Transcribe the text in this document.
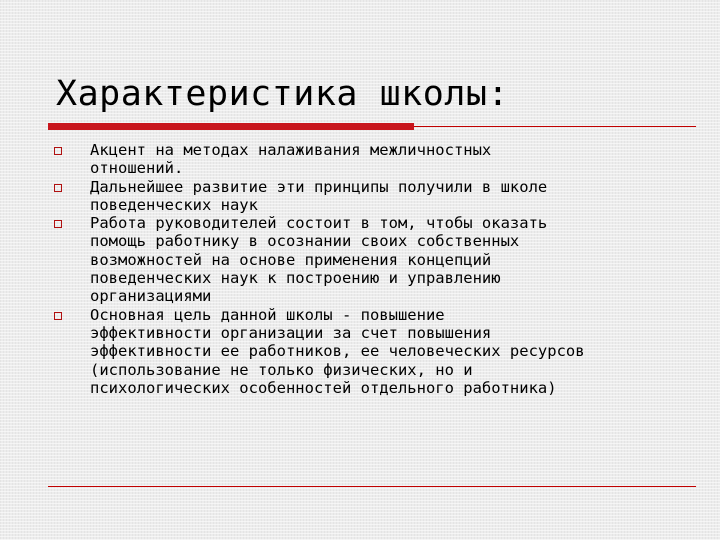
Характеристика школы:
Акцент на методах налаживания межличностных
отношений.
Дальнейшее развитие эти принципы получили в школе
поведенческих наук
Работа руководителей состоит в том, чтобы оказать
помощь работнику в осознании своих собственных
возможностей на основе применения концепций
поведенческих наук к построению и управлению
организациями
Основная цель данной школы - повышение
эффективности организации за счет повышения
эффективности ее работников, ее человеческих ресурсов
(использование не только физических, но и
психологических особенностей отдельного работника)
